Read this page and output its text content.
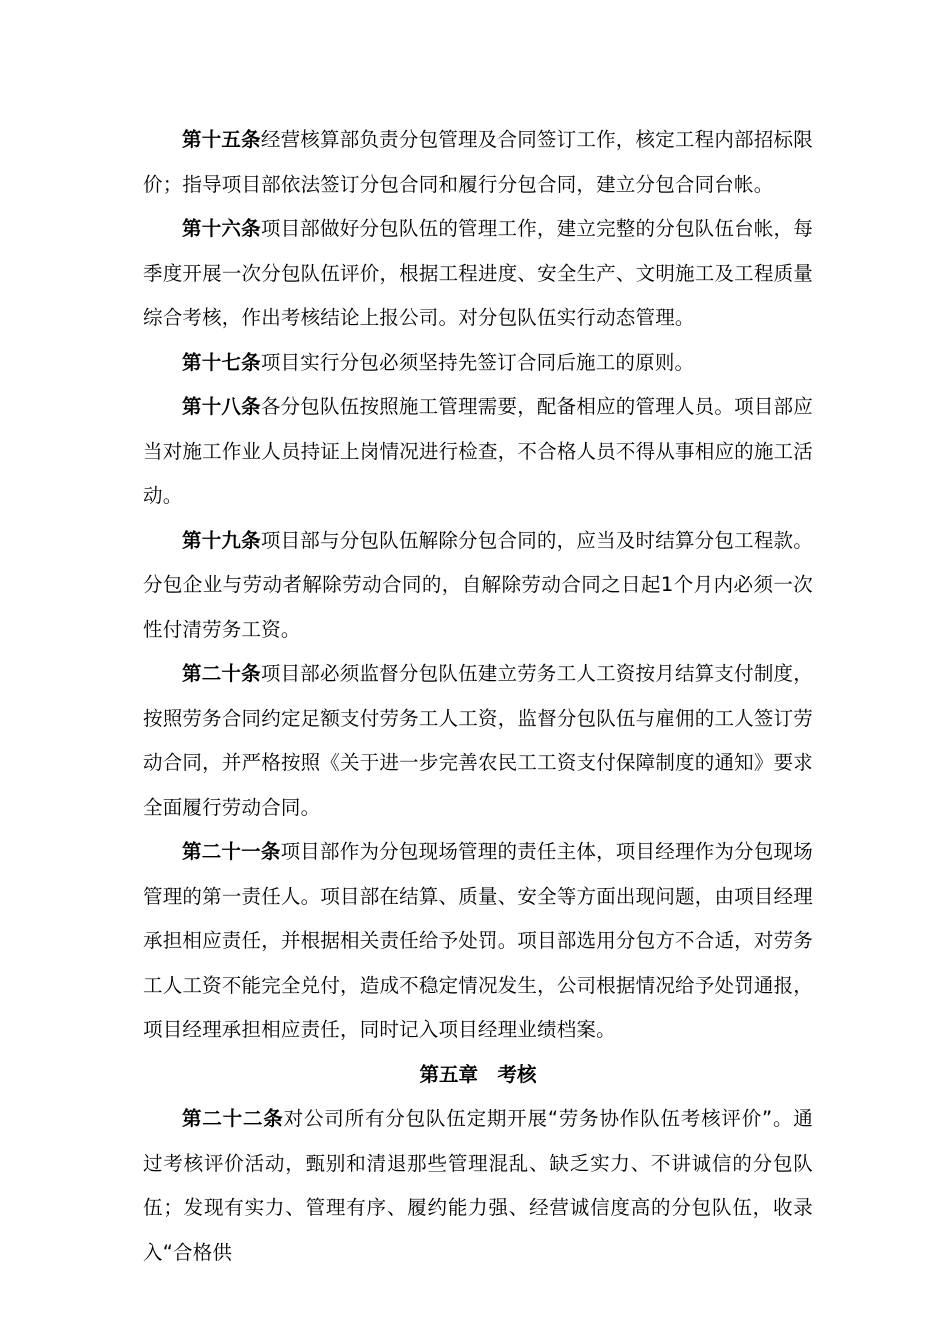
第十五条经营核算部负责分包管理及合同签订工作，核定工程内部招标限价；指导项目部依法签订分包合同和履行分包合同，建立分包合同台帐。

第十六条项目部做好分包队伍的管理工作，建立完整的分包队伍台帐，每季度开展一次分包队伍评价，根据工程进度、安全生产、文明施工及工程质量综合考核，作出考核结论上报公司。对分包队伍实行动态管理。

第十七条项目实行分包必须坚持先签订合同后施工的原则。

第十八条各分包队伍按照施工管理需要，配备相应的管理人员。项目部应当对施工作业人员持证上岗情况进行检查，不合格人员不得从事相应的施工活动。

第十九条项目部与分包队伍解除分包合同的，应当及时结算分包工程款。分包企业与劳动者解除劳动合同的，自解除劳动合同之日起1个月内必须一次性付清劳务工资。

第二十条项目部必须监督分包队伍建立劳务工人工资按月结算支付制度，按照劳务合同约定足额支付劳务工人工资，监督分包队伍与雇佣的工人签订劳动合同，并严格按照《关于进一步完善农民工工资支付保障制度的通知》要求全面履行劳动合同。

第二十一条项目部作为分包现场管理的责任主体，项目经理作为分包现场管理的第一责任人。项目部在结算、质量、安全等方面出现问题，由项目经理承担相应责任，并根据相关责任给予处罚。项目部选用分包方不合适，对劳务工人工资不能完全兑付，造成不稳定情况发生，公司根据情况给予处罚通报，项目经理承担相应责任，同时记入项目经理业绩档案。

第五章　考核

第二十二条对公司所有分包队伍定期开展“劳务协作队伍考核评价”。通过考核评价活动，甄别和清退那些管理混乱、缺乏实力、不讲诚信的分包队伍；发现有实力、管理有序、履约能力强、经营诚信度高的分包队伍，收录入“合格供
